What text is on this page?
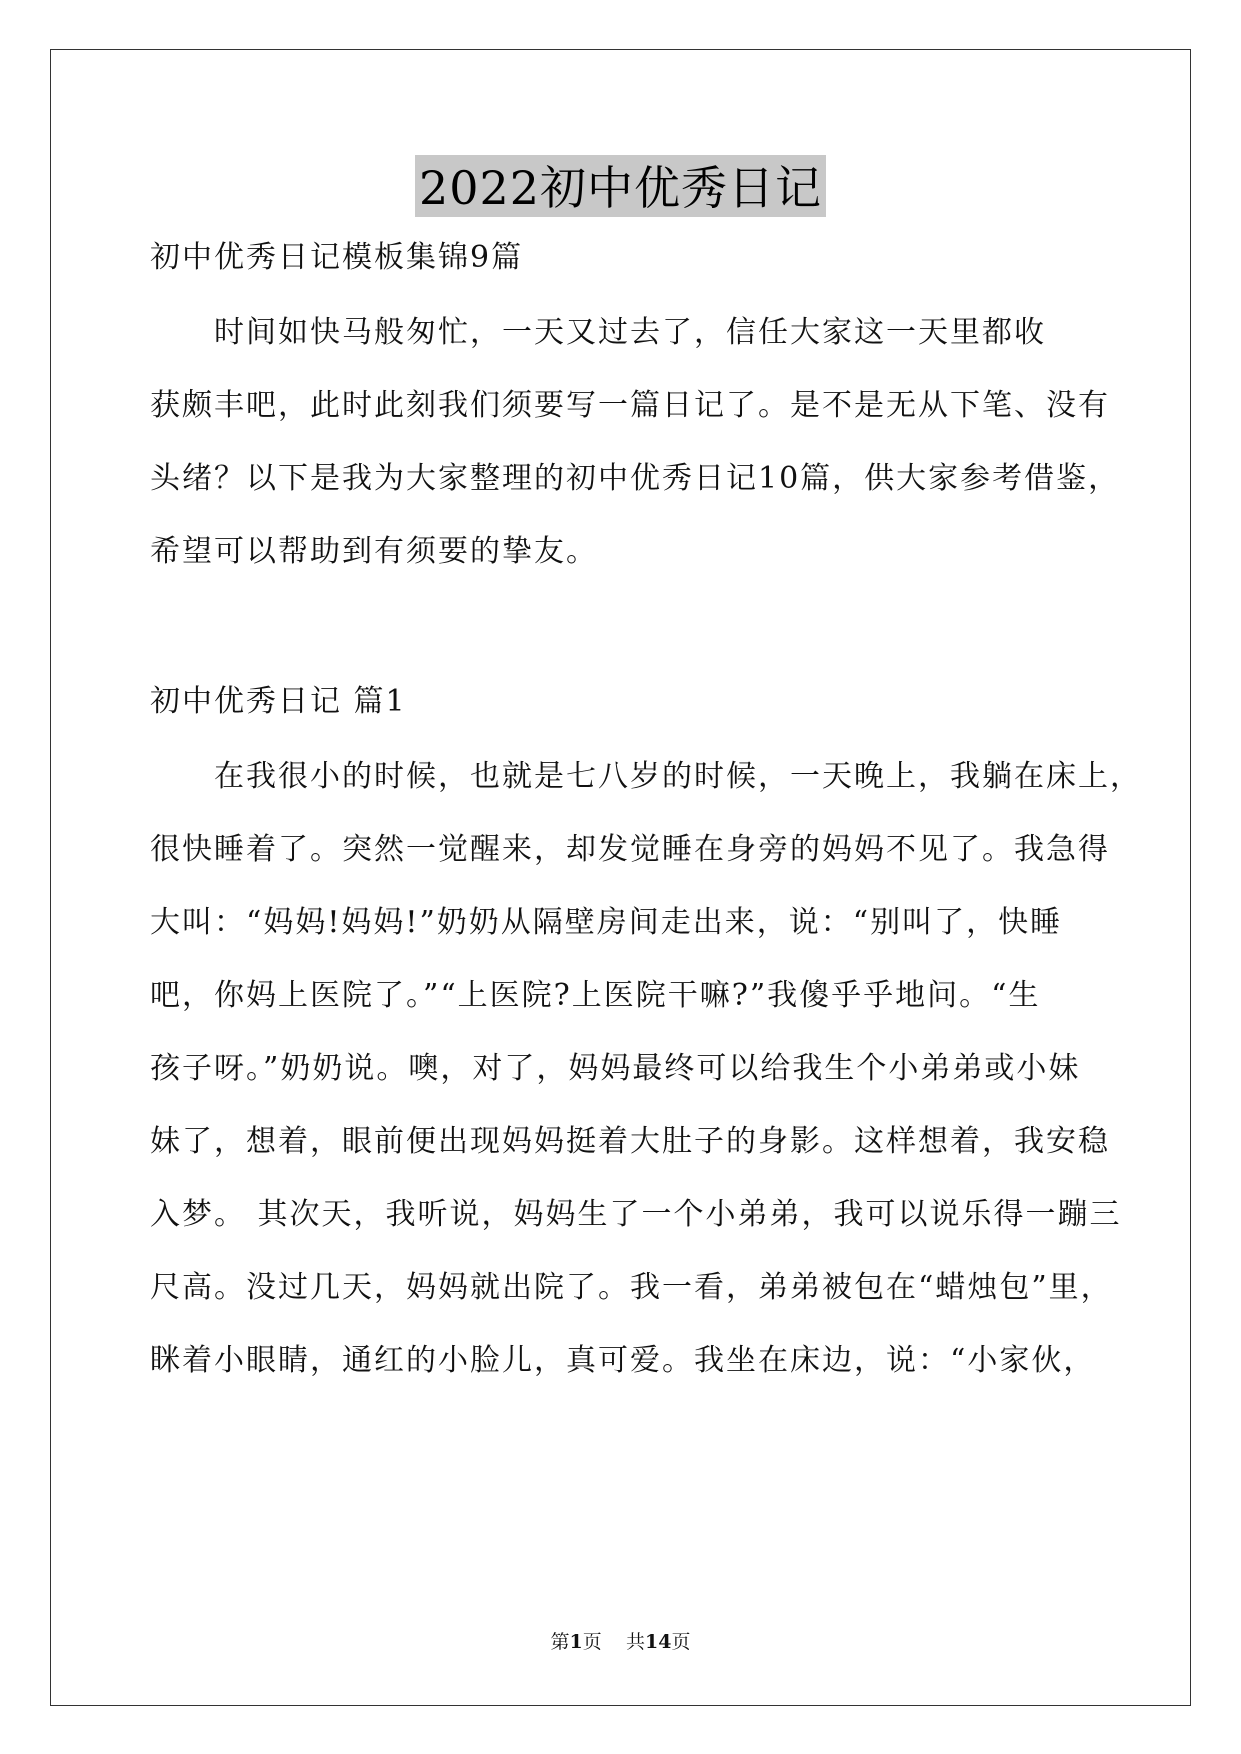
2022初中优秀日记
初中优秀日记模板集锦9篇
　　时间如快马般匆忙，一天又过去了，信任大家这一天里都收
获颇丰吧，此时此刻我们须要写一篇日记了。是不是无从下笔、没有
头绪？以下是我为大家整理的初中优秀日记10篇，供大家参考借鉴，
希望可以帮助到有须要的挚友。
初中优秀日记 篇1
　　在我很小的时候，也就是七八岁的时候，一天晚上，我躺在床上，
很快睡着了。突然一觉醒来，却发觉睡在身旁的妈妈不见了。我急得
大叫：“妈妈!妈妈!”奶奶从隔壁房间走出来，说：“别叫了，快睡
吧，你妈上医院了。”“上医院?上医院干嘛?”我傻乎乎地问。“生
孩子呀。”奶奶说。噢，对了，妈妈最终可以给我生个小弟弟或小妹
妹了，想着，眼前便出现妈妈挺着大肚子的身影。这样想着，我安稳
入梦。 其次天，我听说，妈妈生了一个小弟弟，我可以说乐得一蹦三
尺高。没过几天，妈妈就出院了。我一看，弟弟被包在“蜡烛包”里，
眯着小眼睛，通红的小脸儿，真可爱。我坐在床边，说：“小家伙，
第1页 共14页
